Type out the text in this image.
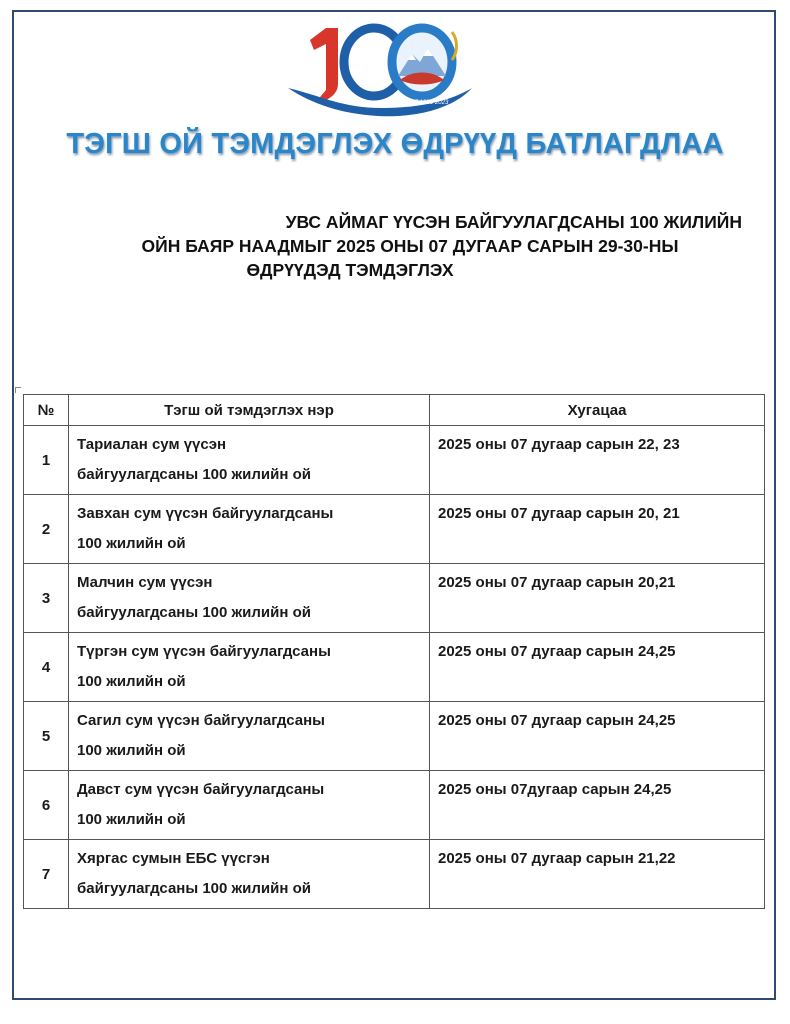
УВС АЙМАГ 1923-2023
ТЭГШ ОЙ ТЭМДЭГЛЭХ ӨДРҮҮД БАТЛАГДЛАА
УВС АЙМАГ ҮҮСЭН БАЙГУУЛАГДСАНЫ 100 ЖИЛИЙН
ОЙН БАЯР НААДМЫГ 2025 ОНЫ 07 ДУГААР САРЫН 29-30-НЫ
ӨДРҮҮДЭД ТЭМДЭГЛЭХ
№	Тэгш ой тэмдэглэх нэр	Хугацаа
1	Тариалан сум үүсэн
байгуулагдсаны 100 жилийн ой	2025 оны 07 дугаар сарын 22, 23
2	Завхан сум үүсэн байгуулагдсаны
100 жилийн ой	2025 оны 07 дугаар сарын 20, 21
3	Малчин сум үүсэн
байгуулагдсаны 100 жилийн ой	2025 оны 07 дугаар сарын 20,21
4	Түргэн сум үүсэн байгуулагдсаны
100 жилийн ой	2025 оны 07 дугаар сарын 24,25
5	Сагил сум үүсэн байгуулагдсаны
100 жилийн ой	2025 оны 07 дугаар сарын 24,25
6	Давст сум үүсэн байгуулагдсаны
100 жилийн ой	2025 оны 07дугаар сарын 24,25
7	Хяргас сумын ЕБС үүсгэн
байгуулагдсаны 100 жилийн ой	2025 оны 07 дугаар сарын 21,22
